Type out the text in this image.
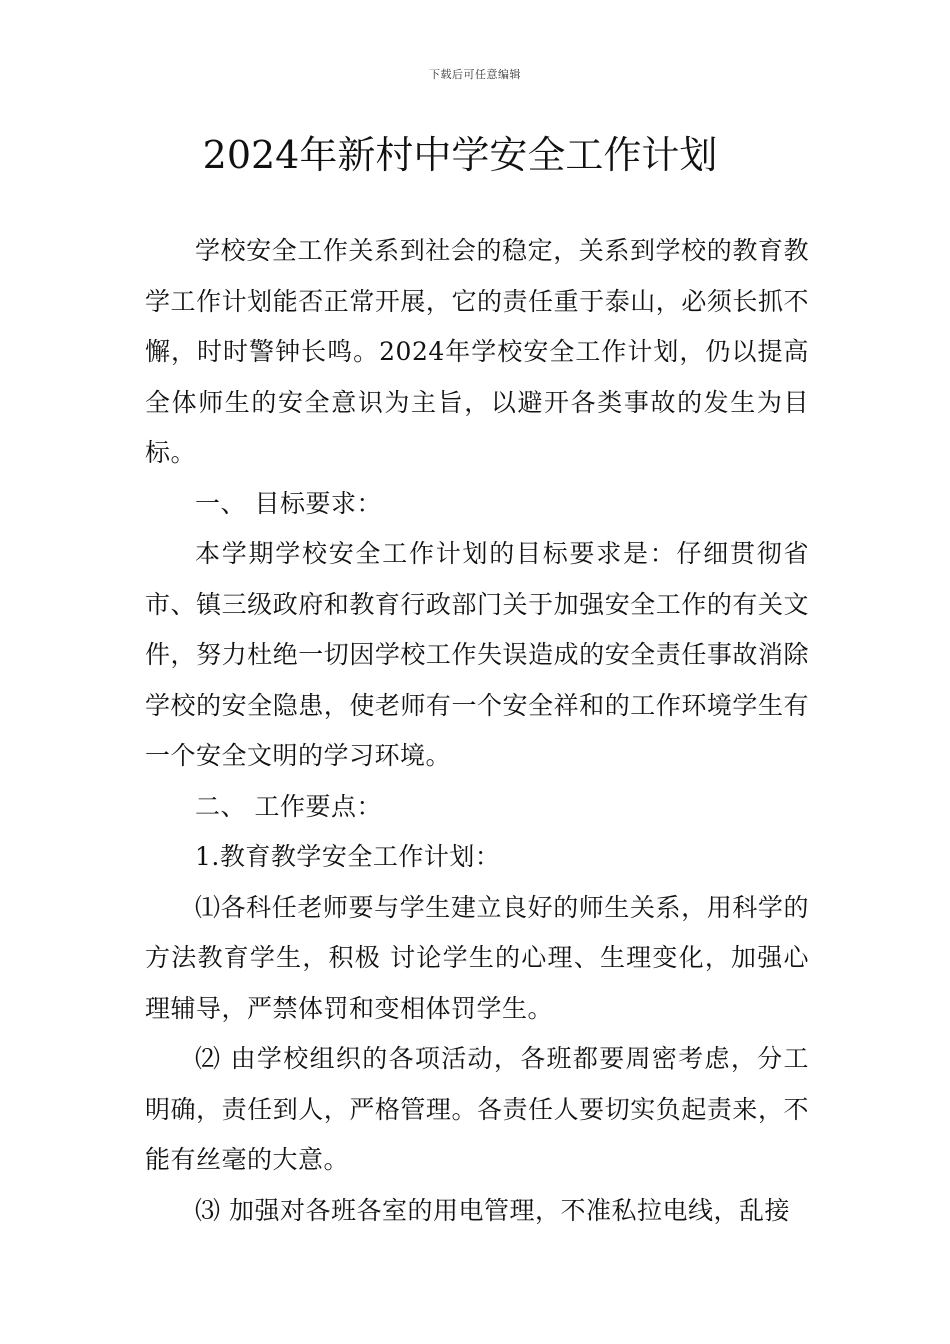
下载后可任意编辑
2024年新村中学安全工作计划

学校安全工作关系到社会的稳定，关系到学校的教育教学工作计划能否正常开展，它的责任重于泰山，必须长抓不懈，时时警钟长鸣。2024年学校安全工作计划，仍以提高全体师生的安全意识为主旨，以避开各类事故的发生为目标。

一、 目标要求：

本学期学校安全工作计划的目标要求是：仔细贯彻省市、镇三级政府和教育行政部门关于加强安全工作的有关文件，努力杜绝一切因学校工作失误造成的安全责任事故消除学校的安全隐患，使老师有一个安全祥和的工作环境学生有一个安全文明的学习环境。

二、 工作要点：

1.教育教学安全工作计划：

⑴各科任老师要与学生建立良好的师生关系，用科学的方法教育学生，积极 讨论学生的心理、生理变化，加强心理辅导，严禁体罚和变相体罚学生。

⑵ 由学校组织的各项活动，各班都要周密考虑，分工明确，责任到人，严格管理。各责任人要切实负起责来，不能有丝毫的大意。

⑶ 加强对各班各室的用电管理，不准私拉电线，乱接
